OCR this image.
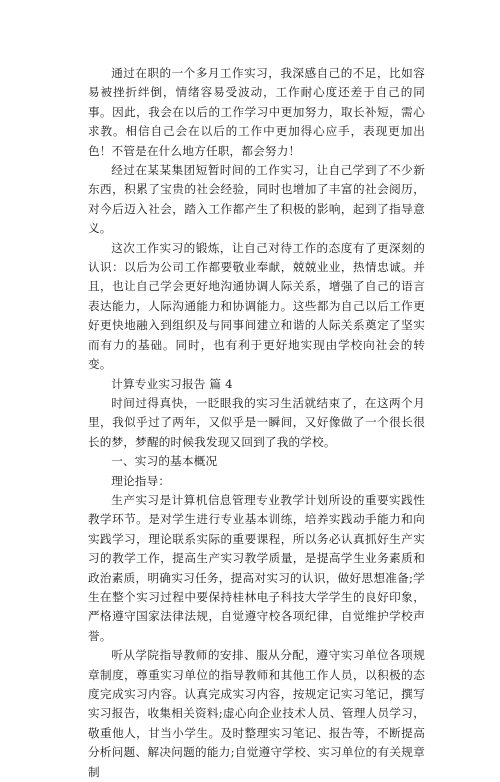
通过在职的一个多月工作实习，我深感自己的不足，比如容易被挫折绊倒，情绪容易受波动，工作耐心度还差于自己的同事。因此，我会在以后的工作学习中更加努力，取长补短，需心求教。相信自己会在以后的工作中更加得心应手，表现更加出色！不管是在什么地方任职，都会努力！

经过在某某集团短暂时间的工作实习，让自己学到了不少新东西，积累了宝贵的社会经验，同时也增加了丰富的社会阅历，对今后迈入社会，踏入工作都产生了积极的影响，起到了指导意义。

这次工作实习的锻炼，让自己对待工作的态度有了更深刻的认识：以后为公司工作都要敬业奉献，兢兢业业，热情忠诚。并且，也让自己学会更好地沟通协调人际关系，增强了自己的语言表达能力，人际沟通能力和协调能力。这些都为自己以后工作更好更快地融入到组织及与同事间建立和谐的人际关系奠定了坚实而有力的基础。同时，也有利于更好地实现由学校向社会的转变。

计算专业实习报告 篇 4

时间过得真快，一眨眼我的实习生活就结束了，在这两个月里，我似乎过了两年，又似乎是一瞬间，又好像做了一个很长很长的梦，梦醒的时候我发现又回到了我的学校。

一、实习的基本概况

理论指导：

生产实习是计算机信息管理专业教学计划所设的重要实践性教学环节。是对学生进行专业基本训练，培养实践动手能力和向实践学习，理论联系实际的重要课程，所以务必认真抓好生产实习的教学工作，提高生产实习教学质量，是提高学生业务素质和政治素质，明确实习任务，提高对实习的认识，做好思想准备;学生在整个实习过程中要保持桂林电子科技大学学生的良好印象，严格遵守国家法律法规，自觉遵守校各项纪律，自觉维护学校声誉。

听从学院指导教师的安排、服从分配，遵守实习单位各项规章制度，尊重实习单位的指导教师和其他工作人员，以积极的态度完成实习内容。认真完成实习内容，按规定记实习笔记，撰写实习报告，收集相关资料;虚心向企业技术人员、管理人员学习，敬重他人，甘当小学生。及时整理实习笔记、报告等，不断提高分析问题、解决问题的能力;自觉遵守学校、实习单位的有关规章制
